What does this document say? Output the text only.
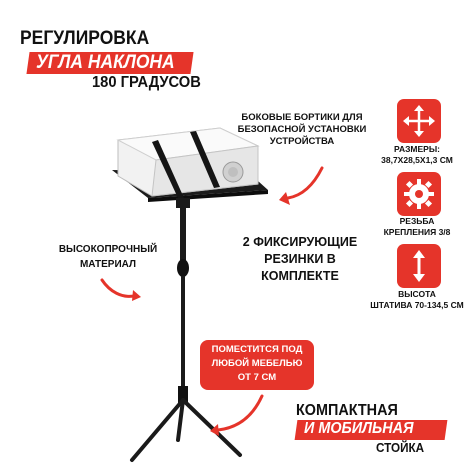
РЕГУЛИРОВКА
УГЛА НАКЛОНА
180 ГРАДУСОВ
БОКОВЫЕ БОРТИКИ ДЛЯ БЕЗОПАСНОЙ УСТАНОВКИ УСТРОЙСТВА
2 ФИКСИРУЮЩИЕ
РЕЗИНКИ В КОМПЛЕКТЕ
ВЫСОКОПРОЧНЫЙ
МАТЕРИАЛ
ПОМЕСТИТСЯ ПОД
ЛЮБОЙ МЕБЕЛЬЮ
ОТ 7 СМ
КОМПАКТНАЯ
И МОБИЛЬНАЯ
СТОЙКА
РАЗМЕРЫ:
38,7Х28,5Х1,3 СМ
РЕЗЬБА
КРЕПЛЕНИЯ 3/8
ВЫСОТА
ШТАТИВА 70-134,5 СМ
